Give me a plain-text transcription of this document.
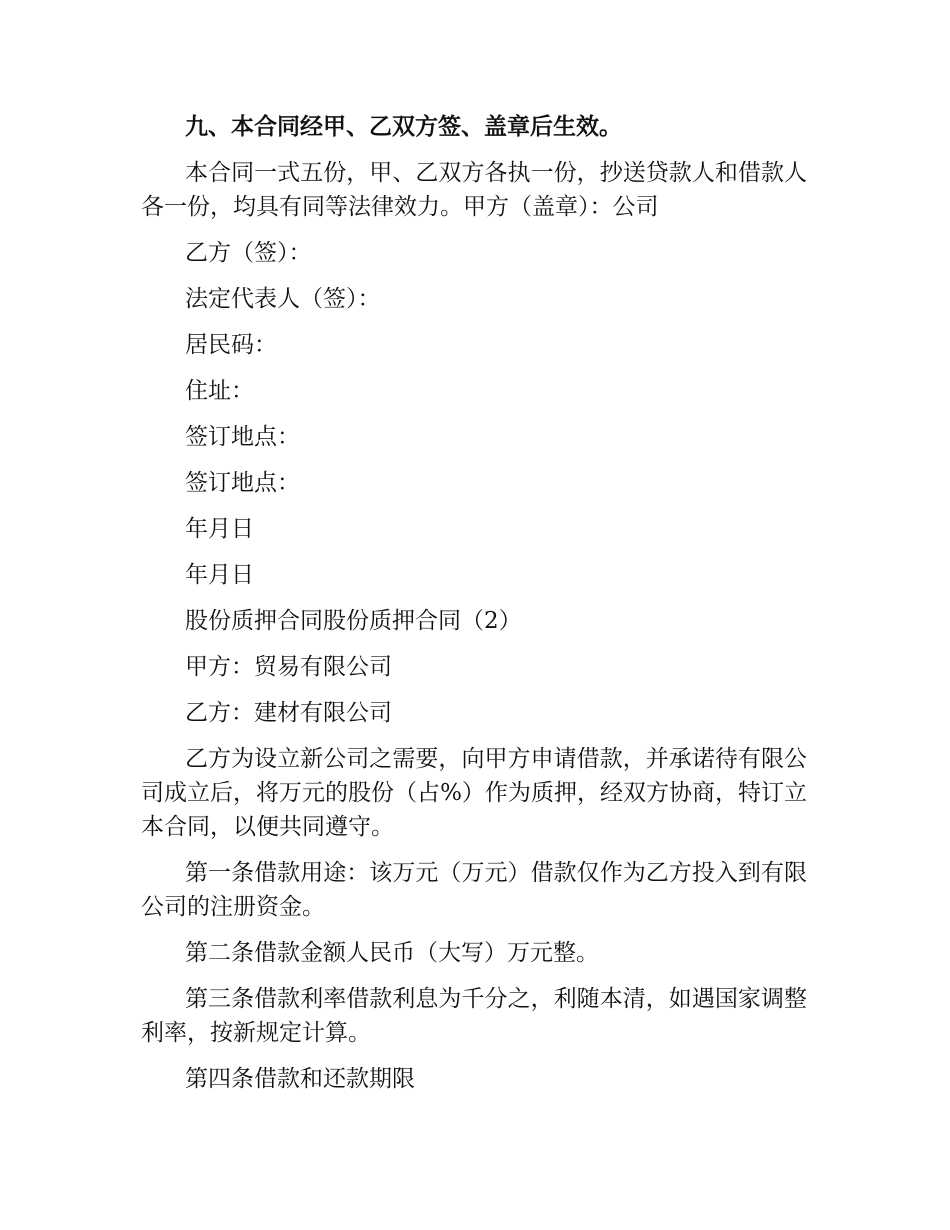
九、本合同经甲、乙双方签、盖章后生效。

本合同一式五份，甲、乙双方各执一份，抄送贷款人和借款人各一份，均具有同等法律效力。甲方（盖章）：公司

乙方（签）：

法定代表人（签）：

居民码：

住址：

签订地点：

签订地点：

年月日

年月日

股份质押合同股份质押合同（2）

甲方：贸易有限公司

乙方：建材有限公司

乙方为设立新公司之需要，向甲方申请借款，并承诺待有限公司成立后，将万元的股份（占%）作为质押，经双方协商，特订立本合同，以便共同遵守。

第一条借款用途：该万元（万元）借款仅作为乙方投入到有限公司的注册资金。

第二条借款金额人民币（大写）万元整。

第三条借款利率借款利息为千分之，利随本清，如遇国家调整利率，按新规定计算。

第四条借款和还款期限
